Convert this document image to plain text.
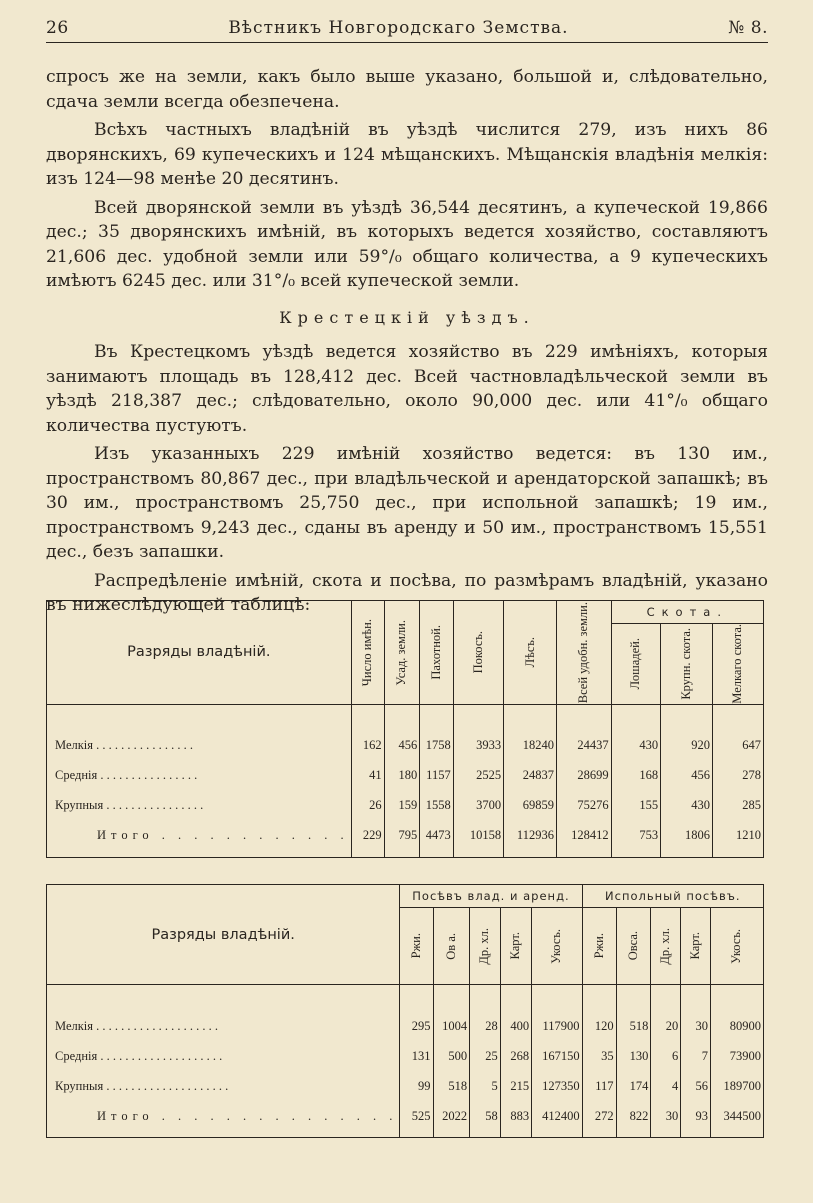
26	Вѣстникъ Новгородскаго Земства.	№ 8.

спросъ же на земли, какъ было выше указано, большой и, слѣдовательно, сдача земли всегда обезпечена.

Всѣхъ частныхъ владѣній въ уѣздѣ числится 279, изъ нихъ 86 дворянскихъ, 69 купеческихъ и 124 мѣщанскихъ. Мѣщанскія владѣнія мелкія: изъ 124—98 менѣе 20 десятинъ.

Всей дворянской земли въ уѣздѣ 36,544 десятинъ, а купеческой 19,866 дес.; 35 дворянскихъ имѣній, въ которыхъ ведется хозяйство, составляютъ 21,606 дес. удобной земли или 59°/₀ общаго количества, а 9 купеческихъ имѣютъ 6245 дес. или 31°/₀ всей купеческой земли.

Крестецкій уѣздъ.

Въ Крестецкомъ уѣздѣ ведется хозяйство въ 229 имѣніяхъ, которыя занимаютъ площадь въ 128,412 дес. Всей частновладѣльческой земли въ уѣздѣ 218,387 дес.; слѣдовательно, около 90,000 дес. или 41°/₀ общаго количества пустуютъ.

Изъ указанныхъ 229 имѣній хозяйство ведется: въ 130 им., пространствомъ 80,867 дес., при владѣльческой и арендаторской запашкѣ; въ 30 им., пространствомъ 25,750 дес., при испольной запашкѣ; 19 им., пространствомъ 9,243 дес., сданы въ аренду и 50 им., пространствомъ 15,551 дес., безъ запашки.

Распредѣленіе имѣній, скота и посѣва, по размѣрамъ владѣній, указано въ нижеслѣдующей таблицѣ:

Разряды владѣній.	Число имѣн.	Усад. земли.	Пахотной.	Покосъ.	Лѣсъ.	Всей удобн. земли.	Скота.		

							Лошадей.	Крупн. скота.	Мелкаго скота.

Мелкія . . . . . . . . . . . . . . . .	162	456	1758	3933	18240	24437	430	920	647
Среднія . . . . . . . . . . . . . . . .	41	180	1157	2525	24837	28699	168	456	278
Крупныя . . . . . . . . . . . . . . . .	26	159	1558	3700	69859	75276	155	430	285
Итого . . . . . . . . . . . .	229	795	4473	10158	112936	128412	753	1806	1210
Разряды владѣній.	Посѣвъ влад. и аренд.					Испольный посѣвъ.				

	Ржи.	Ов а.	Др. хл.	Карт.	Укосъ.	Ржи.	Овса.	Др. хл.	Карт.	Укосъ.

Мелкія . . . . . . . . . . . . . . . . . . . .	295	1004	28	400	117900	120	518	20	30	80900
Среднія . . . . . . . . . . . . . . . . . . . .	131	500	25	268	167150	35	130	6	7	73900
Крупныя . . . . . . . . . . . . . . . . . . . .	99	518	5	215	127350	117	174	4	56	189700
Итого . . . . . . . . . . . . . . .	525	2022	58	883	412400	272	822	30	93	344500
